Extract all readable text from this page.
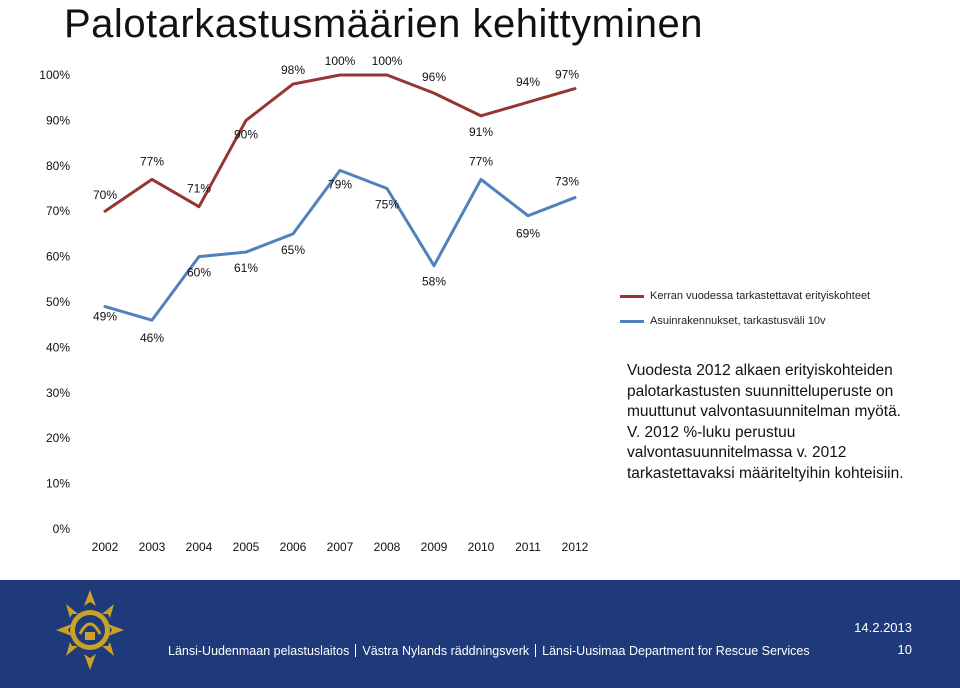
Palotarkastusmäärien kehittyminen
0%
10%
20%
30%
40%
50%
60%
70%
80%
90%
100%
2002 2003 2004 2005 2006 2007 2008 2009 2010 2011 2012
70%
77%
71%
90%
98%
100% 100%
96%
91%
94%
97%
49%
46%
60% 61%
65%
79%
75%
58%
77%
69%
73%
Kerran vuodessa tarkastettavat erityiskohteet
Asuinrakennukset, tarkastusväli 10v
Vuodesta 2012 alkaen erityiskohteiden palotarkastusten suunnitteluperuste on muuttunut valvontasuunnitelman myötä. V. 2012 %-luku perustuu valvontasuunnitelmassa v. 2012 tarkastettavaksi määriteltyihin kohteisiin.
Länsi-Uudenmaan pelastuslaitos Västra Nylands räddningsverk Länsi-Uusimaa Department for Rescue Services
14.2.2013
10
